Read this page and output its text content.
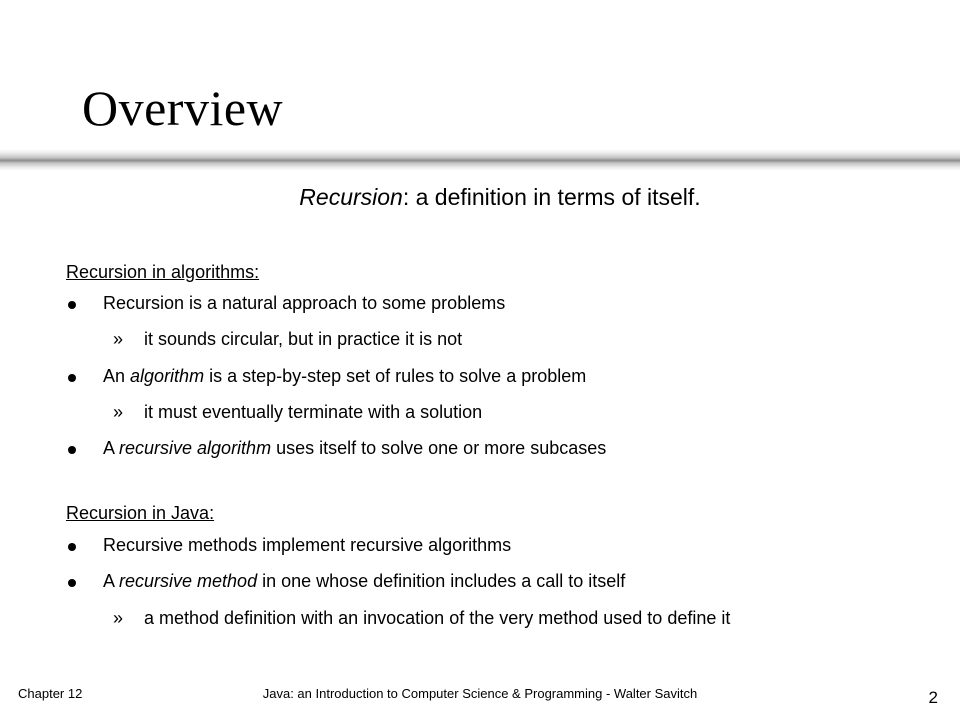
Overview
Recursion: a definition in terms of itself.
Recursion in algorithms:
Recursion is a natural approach to some problems
» it sounds circular, but in practice it is not
An algorithm is a step-by-step set of rules to solve a problem
» it must eventually terminate with a solution
A recursive algorithm uses itself to solve one or more subcases
Recursion in Java:
Recursive methods implement recursive algorithms
A recursive method in one whose definition includes a call to itself
» a method definition with an invocation of the very method used to define it
Chapter 12	Java: an Introduction to Computer Science & Programming - Walter Savitch	2
